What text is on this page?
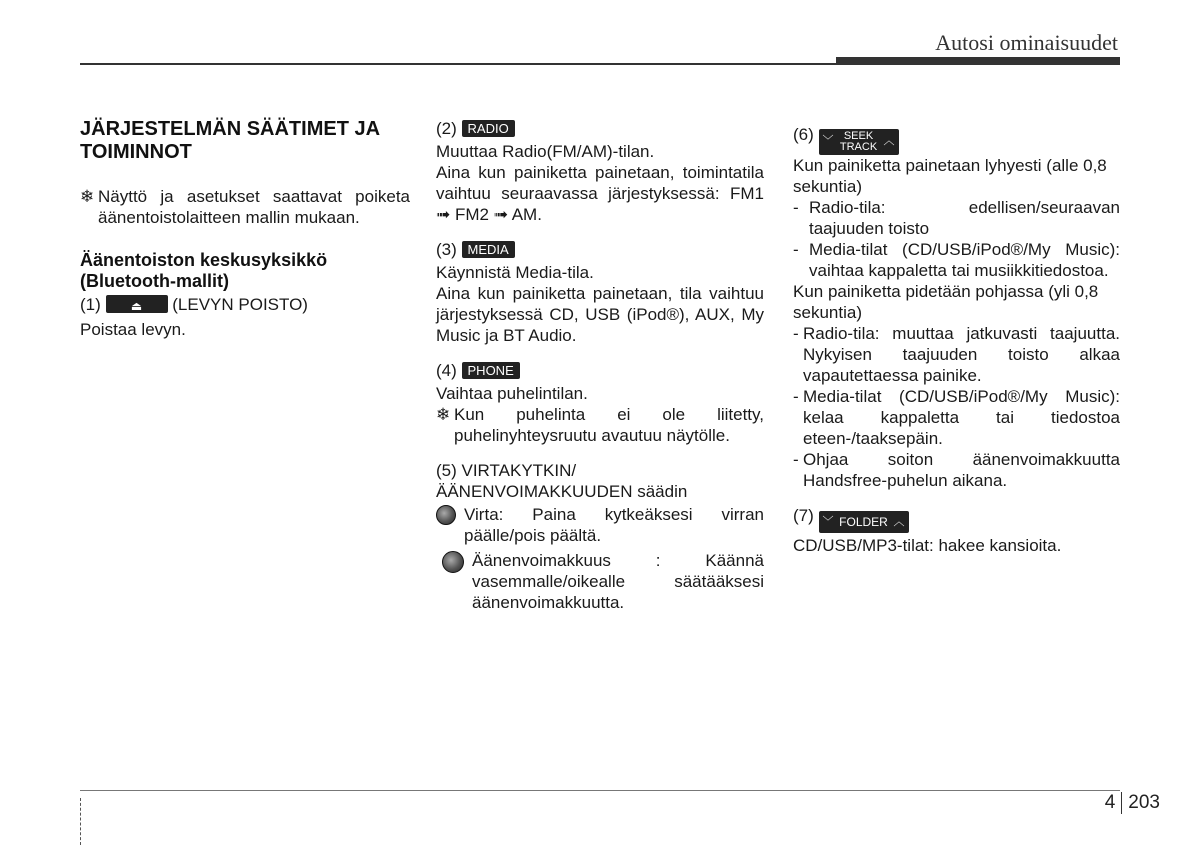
Autosi ominaisuudet

JÄRJESTELMÄN SÄÄTIMET JA TOIMINNOT

❄ Näyttö ja asetukset saattavat poiketa äänentoistolaitteen mallin mukaan.

Äänentoiston keskusyksikkö (Bluetooth-mallit)

(1)	⏏	(LEVYN POISTO)

Poistaa levyn.

(2) RADIO

Muuttaa Radio(FM/AM)-tilan.

Aina kun painiketta painetaan, toimintatila vaihtuu seuraavassa järjestyksessä: FM1 ➟ FM2 ➟ AM.

(3) MEDIA

Käynnistä Media-tila.

Aina kun painiketta painetaan, tila vaihtuu järjestyksessä CD, USB (iPod®), AUX, My Music ja BT Audio.

(4) PHONE

Vaihtaa puhelintilan.

❄ Kun puhelinta ei ole liitetty, puhelinyhteysruutu avautuu näytölle.

(5) VIRTAKYTKIN/ÄÄNENVOIMAKKUUDEN säädin

Virta: Paina kytkeäksesi virran päälle/pois päältä.
Äänenvoimakkuus : Käännä vasemmalle/oikealle säätääksesi äänenvoimakkuutta.

(6) ﹀ SEEK
TRACK ︿

Kun painiketta painetaan lyhyesti (alle 0,8 sekuntia)

- Radio-tila: edellisen/seuraavan taajuuden toisto
- Media-tilat (CD/USB/iPod®/My Music): vaihtaa kappaletta tai musiikkitiedostoa.

Kun painiketta pidetään pohjassa (yli 0,8 sekuntia)

- Radio-tila: muuttaa jatkuvasti taajuutta. Nykyisen taajuuden toisto alkaa vapautettaessa painike.
- Media-tilat (CD/USB/iPod®/My Music): kelaa kappaletta tai tiedostoa eteen-/taaksepäin.
- Ohjaa soiton äänenvoimakkuutta Handsfree-puhelun aikana.

(7) ﹀ FOLDER ︿

CD/USB/MP3-tilat: hakee kansioita.

4 203
